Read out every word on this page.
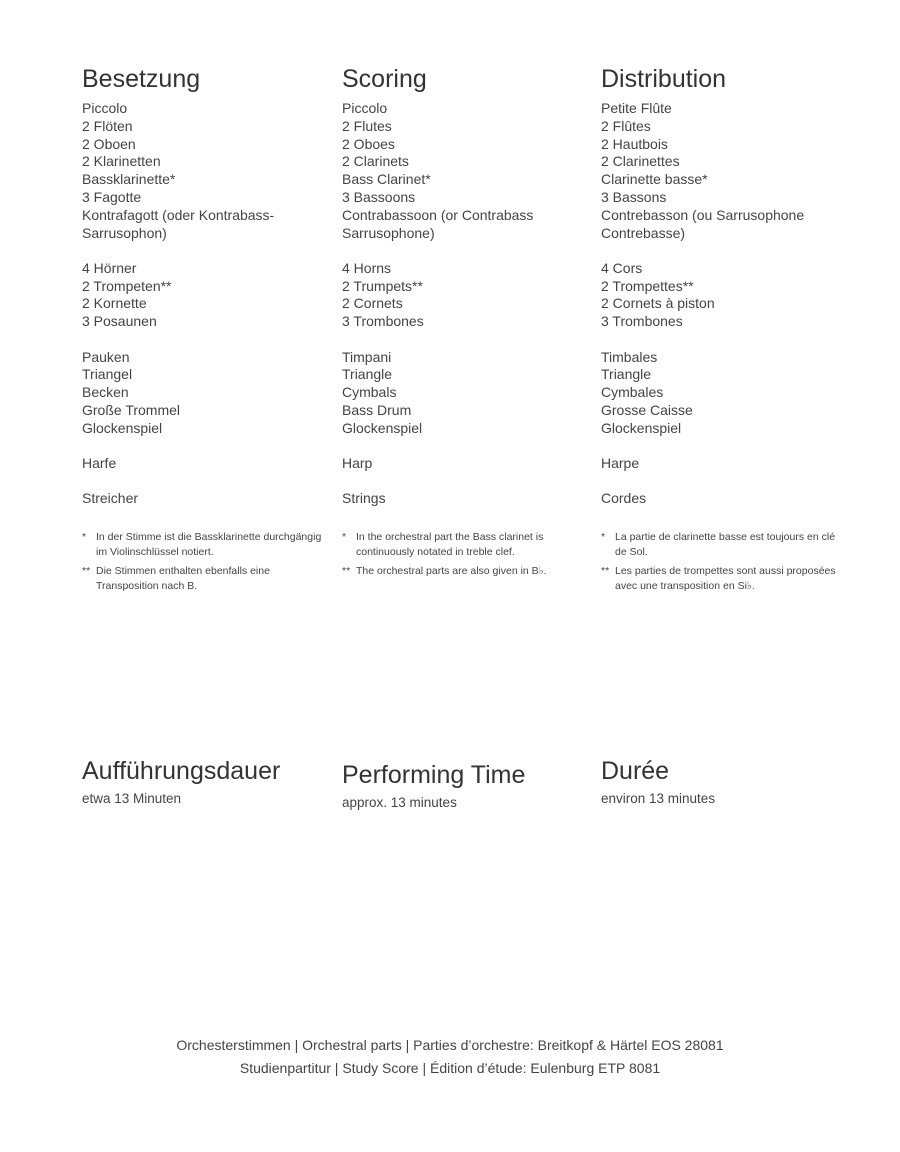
Besetzung
Piccolo
2 Flöten
2 Oboen
2 Klarinetten
Bassklarinette*
3 Fagotte
Kontrafagott (oder Kontrabass-
Sarrusophon)
4 Hörner
2 Trompeten**
2 Kornette
3 Posaunen
Pauken
Triangel
Becken
Große Trommel
Glockenspiel
Harfe
Streicher
* In der Stimme ist die Bassklarinette durchgängig im Violinschlüssel notiert.
** Die Stimmen enthalten ebenfalls eine Transposition nach B.
Scoring
Piccolo
2 Flutes
2 Oboes
2 Clarinets
Bass Clarinet*
3 Bassoons
Contrabassoon (or Contrabass
Sarrusophone)
4 Horns
2 Trumpets**
2 Cornets
3 Trombones
Timpani
Triangle
Cymbals
Bass Drum
Glockenspiel
Harp
Strings
* In the orchestral part the Bass clarinet is continuously notated in treble clef.
** The orchestral parts are also given in B♭.
Distribution
Petite Flûte
2 Flûtes
2 Hautbois
2 Clarinettes
Clarinette basse*
3 Bassons
Contrebasson (ou Sarrusophone
Contrebasse)
4 Cors
2 Trompettes**
2 Cornets à piston
3 Trombones
Timbales
Triangle
Cymbales
Grosse Caisse
Glockenspiel
Harpe
Cordes
* La partie de clarinette basse est toujours en clé de Sol.
** Les parties de trompettes sont aussi proposées avec une transposition en Si♭.
Aufführungsdauer
etwa 13 Minuten
Performing Time
approx. 13 minutes
Durée
environ 13 minutes
Orchesterstimmen | Orchestral parts | Parties d’orchestre: Breitkopf & Härtel EOS 28081
Studienpartitur | Study Score | Édition d’étude: Eulenburg ETP 8081
